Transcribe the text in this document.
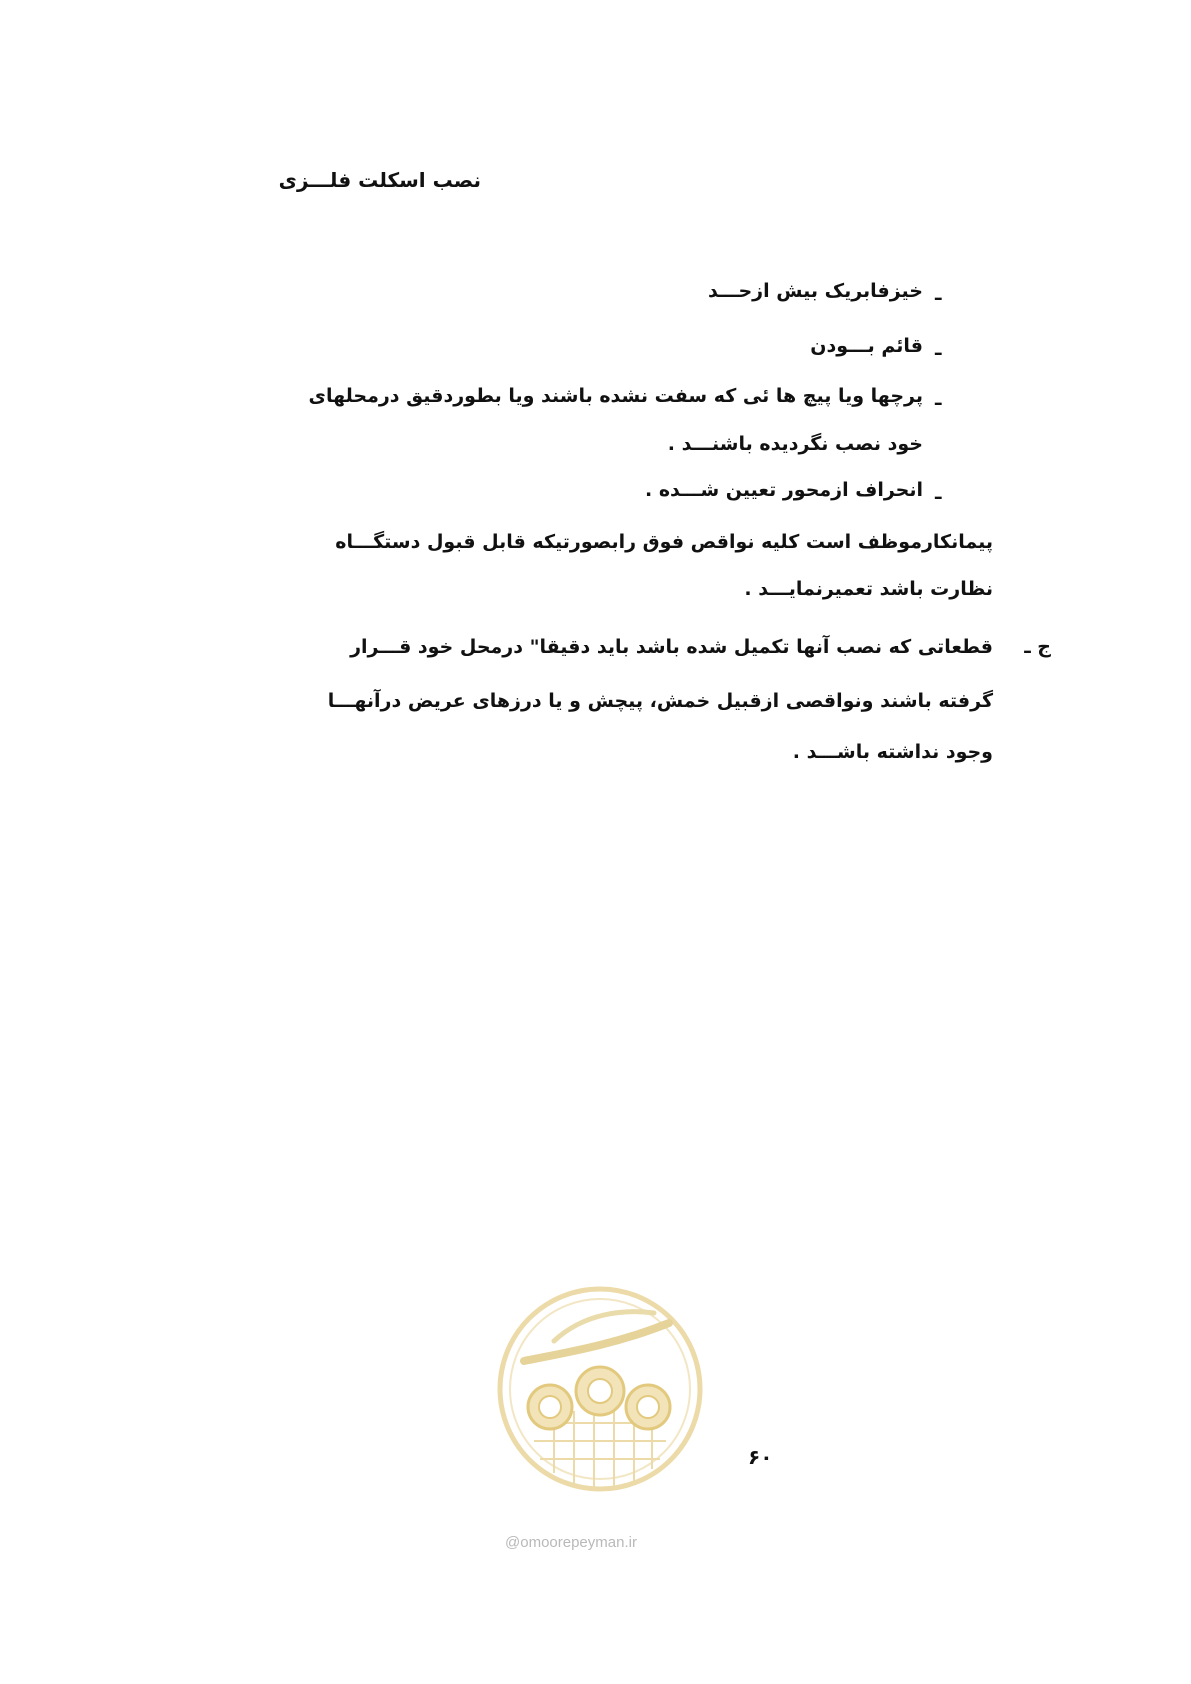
نصب اسکلت فلـــزی
ـ
خیزفابریک بیش ازحـــد
ـ
قائم بـــودن
ـ
پرچها ویا پیچ ها ئی که سفت نشده باشند ویا بطوردقیق درمحلهای
خود نصب نگردیده باشنـــد .
ـ
انحراف ازمحور تعیین شـــده .
پیمانکارموظف است کلیه نواقص فوق رابصورتیکه قابل قبول دستگـــاه
نظارت باشد تعمیرنمایـــد .
ج ـ
قطعاتی که نصب آنها تکمیل شده باشد باید دقیقا" درمحل خود قـــرار
گرفته باشند ونواقصی ازقبیل خمش، پیچش و یا درزهای عریض درآنهـــا
وجود نداشته باشـــد .
@omoorepeyman.ir
۶۰
